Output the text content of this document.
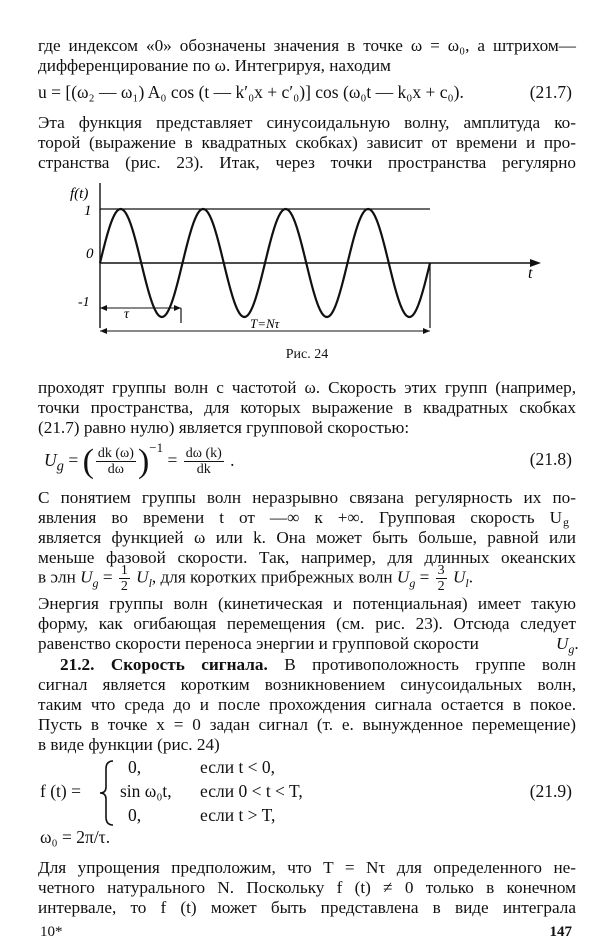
где индексом «0» обозначены значения в точке ω = ω₀, а штрихом—
дифференцирование по ω. Интегрируя, находим
u = [(ω₂ — ω₁) A₀ cos (t — k′₀x + c′₀)] cos (ω₀t — k₀x + c₀).	(21.7)
Эта функция представляет синусоидальную волну, амплитуда ко-
торой (выражение в квадратных скобках) зависит от времени и про-
странства (рис. 23). Итак, через точки пространства регулярно
f(t)
1
0
-1
t
τ
T=Nτ
Рис. 24
проходят группы волн с частотой ω. Скорость этих групп (например,
точки пространства, для которых выражение в квадратных скобках
(21.7) равно нулю) является групповой скоростью:
$U_g$ = ( $\frac{dk (\omega)}{d\omega} )^{-1} = \frac{d\omega (k)}{dk}$ .	(21.8)
С понятием группы волн неразрывно связана регулярность их по-
явления во времени t от —∞ к +∞. Групповая скорость U g
является функцией ω или k. Она может быть больше, равной или
меньше фазовой скорости. Так, например, для длинных океанских
в ɔлн $U_g = \frac{1}{2} U_l$, для коротких прибрежных волн $U_g = \frac{3}{2} U_l$.
Энергия группы волн (кинетическая и потенциальная) имеет такую
форму, как огибающая перемещения (см. рис. 23). Отсюда следует
равенство скорости переноса энергии и групповой скорости	$U_g$.
21.2. Скорость сигнала. В противоположность группе волн
сигнал является коротким возникновением синусоидальных волн,
таким что среда до и после прохождения сигнала остается в покое.
Пусть в точке x = 0 задан сигнал (т. е. вынужденное перемещение)
в виде функции (рис. 24)
f (t) =
0,	если t < 0,
sin ω₀t, если 0 < t < T,
0,	если t > T,
(21.9)
ω₀ = 2π/τ.
Для упрощения предположим, что T = Nτ для определенного не-
четного натурального N. Поскольку f (t) ≠ 0 только в конечном
интервале, то f (t) может быть представлена в виде интеграла
10*	147
